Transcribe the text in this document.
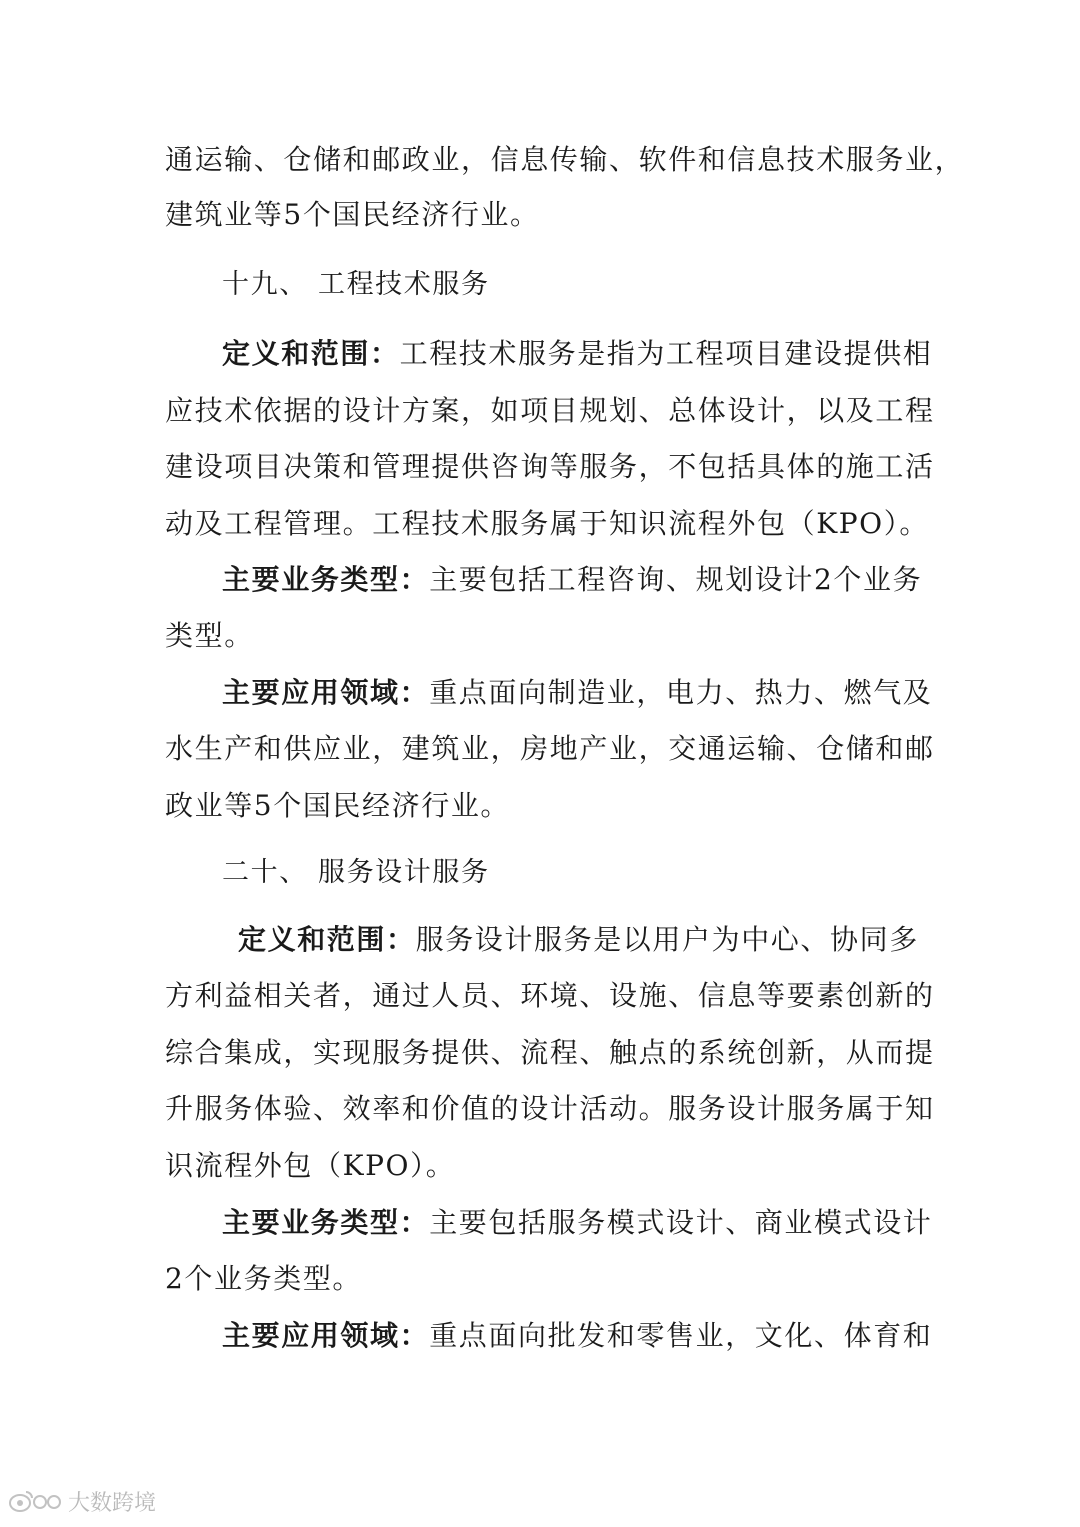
通运输、仓储和邮政业，信息传输、软件和信息技术服务业，
建筑业等5个国民经济行业。
十九、 工程技术服务
定义和范围：工程技术服务是指为工程项目建设提供相
应技术依据的设计方案，如项目规划、总体设计，以及工程
建设项目决策和管理提供咨询等服务，不包括具体的施工活
动及工程管理。工程技术服务属于知识流程外包（KPO）。
主要业务类型：主要包括工程咨询、规划设计2个业务
类型。
主要应用领域：重点面向制造业，电力、热力、燃气及
水生产和供应业，建筑业，房地产业，交通运输、仓储和邮
政业等5个国民经济行业。
二十、 服务设计服务
定义和范围：服务设计服务是以用户为中心、协同多
方利益相关者，通过人员、环境、设施、信息等要素创新的
综合集成，实现服务提供、流程、触点的系统创新，从而提
升服务体验、效率和价值的设计活动。服务设计服务属于知
识流程外包（KPO）。
主要业务类型：主要包括服务模式设计、商业模式设计
2个业务类型。
主要应用领域：重点面向批发和零售业，文化、体育和
大数跨境
